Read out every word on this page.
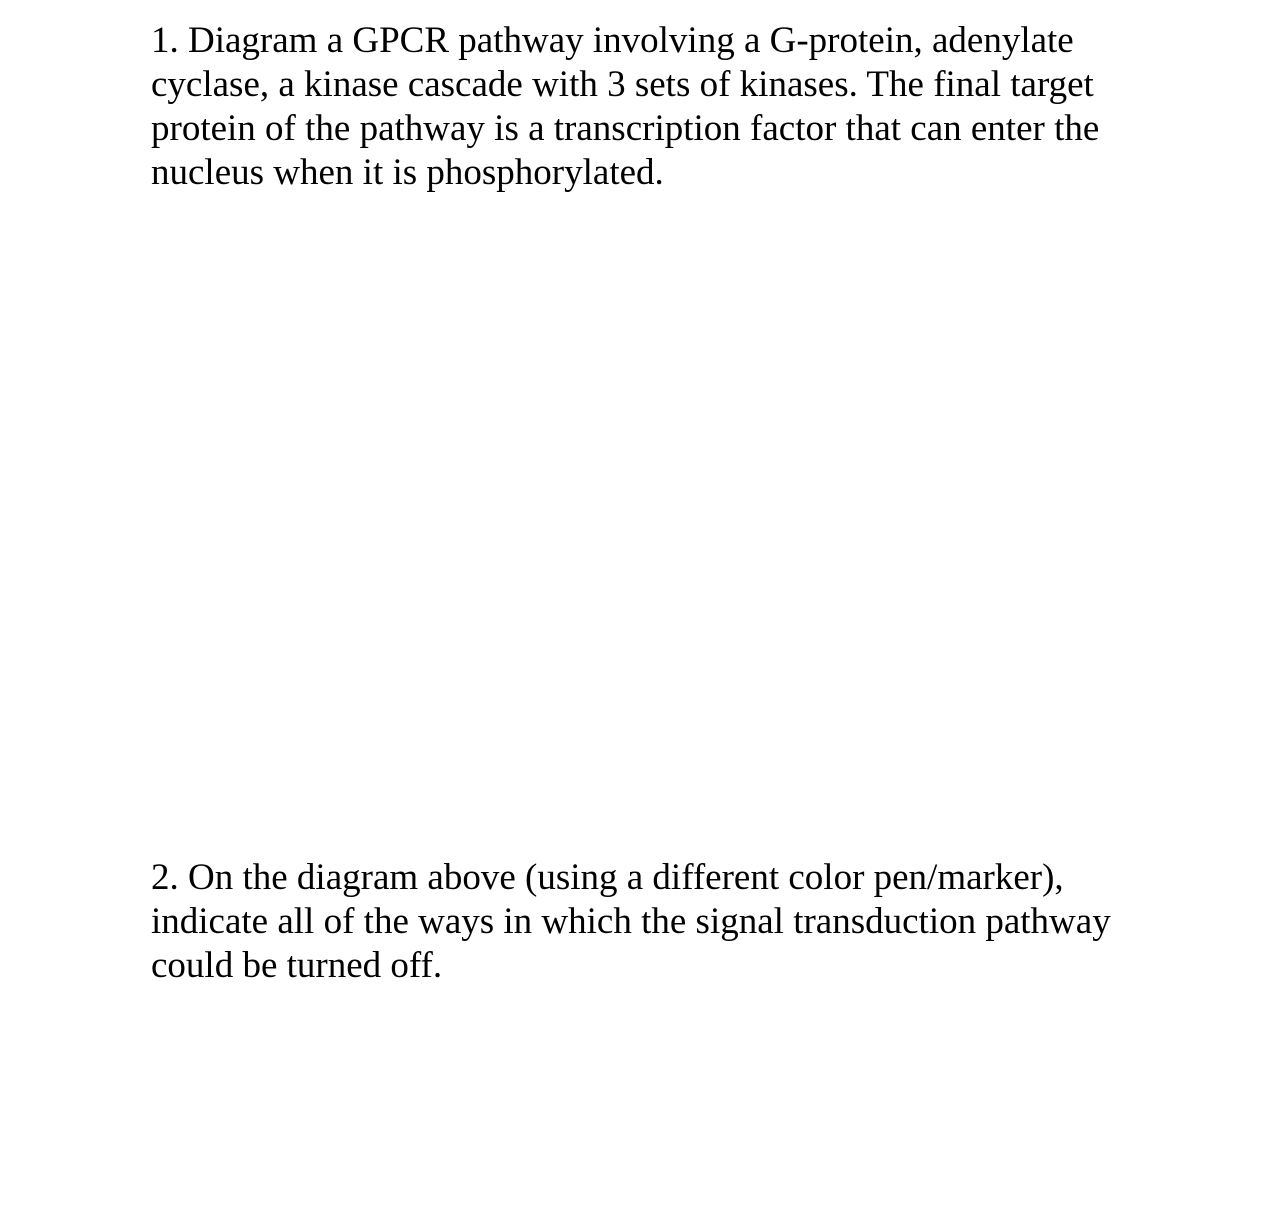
1. Diagram a GPCR pathway involving a G-protein, adenylate
cyclase, a kinase cascade with 3 sets of kinases. The final target
protein of the pathway is a transcription factor that can enter the
nucleus when it is phosphorylated.

2. On the diagram above (using a different color pen/marker),
indicate all of the ways in which the signal transduction pathway
could be turned off.
